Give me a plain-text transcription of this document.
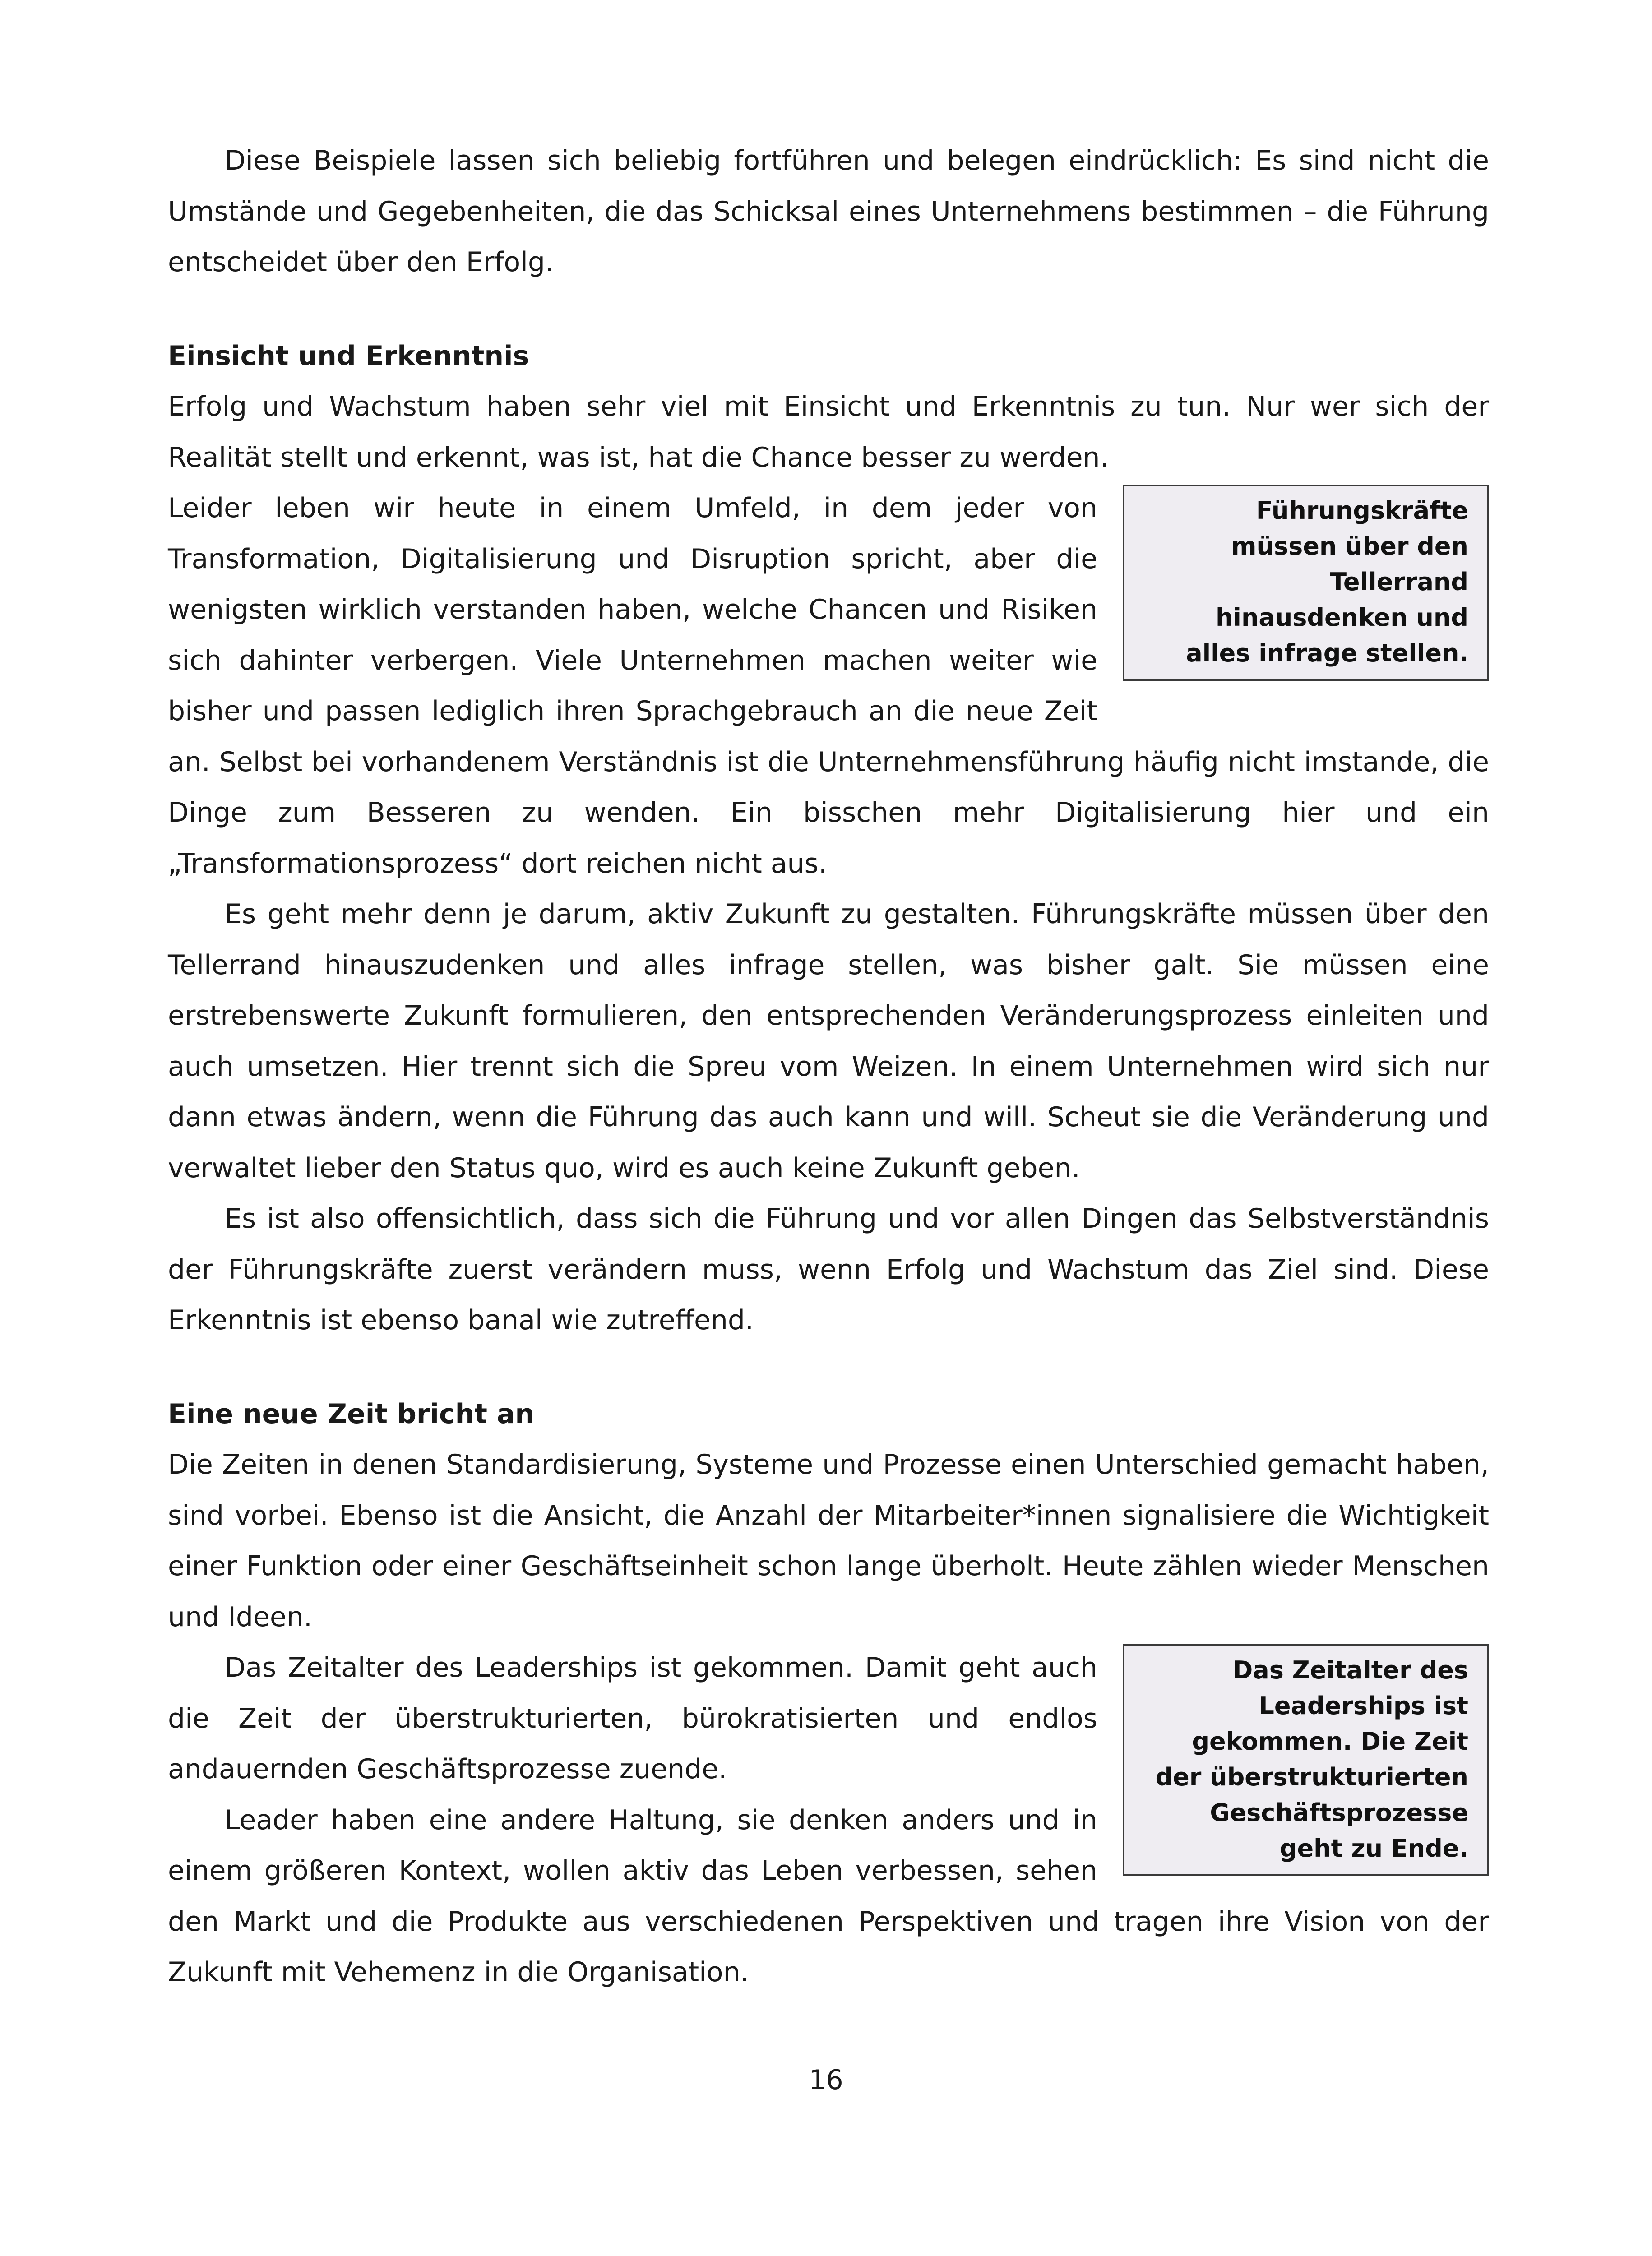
Diese Beispiele lassen sich beliebig fortführen und belegen eindrücklich: Es sind nicht die Umstände und Gegebenheiten, die das Schicksal eines Unternehmens bestimmen – die Führung entscheidet über den Erfolg.

Einsicht und Erkenntnis

Erfolg und Wachstum haben sehr viel mit Einsicht und Erkenntnis zu tun. Nur wer sich der Realität stellt und erkennt, was ist, hat die Chance besser zu werden.

Führungskräfte müssen über den Tellerrand hinausdenken und alles infrage stellen.

Leider leben wir heute in einem Umfeld, in dem jeder von Transformation, Digitalisierung und Disruption spricht, aber die wenigsten wirklich verstanden haben, welche Chancen und Risiken sich dahinter verbergen. Viele Unternehmen machen weiter wie bisher und passen lediglich ihren Sprachgebrauch an die neue Zeit an. Selbst bei vorhandenem Verständnis ist die Unternehmensführung häufig nicht imstande, die Dinge zum Besseren zu wenden. Ein bisschen mehr Digitalisierung hier und ein „Transformationsprozess“ dort reichen nicht aus.

Es geht mehr denn je darum, aktiv Zukunft zu gestalten. Führungskräfte müssen über den Tellerrand hinauszudenken und alles infrage stellen, was bisher galt. Sie müssen eine erstrebenswerte Zukunft formulieren, den entsprechenden Veränderungsprozess einleiten und auch umsetzen. Hier trennt sich die Spreu vom Weizen. In einem Unternehmen wird sich nur dann etwas ändern, wenn die Führung das auch kann und will. Scheut sie die Veränderung und verwaltet lieber den Status quo, wird es auch keine Zukunft geben.

Es ist also offensichtlich, dass sich die Führung und vor allen Dingen das Selbstverständnis der Führungskräfte zuerst verändern muss, wenn Erfolg und Wachstum das Ziel sind. Diese Erkenntnis ist ebenso banal wie zutreffend.

Eine neue Zeit bricht an

Die Zeiten in denen Standardisierung, Systeme und Prozesse einen Unterschied gemacht haben, sind vorbei. Ebenso ist die Ansicht, die Anzahl der Mitarbeiter*innen signalisiere die Wichtigkeit einer Funktion oder einer Geschäftseinheit schon lange überholt. Heute zählen wieder Menschen und Ideen.

Das Zeitalter des Leaderships ist gekommen. Die Zeit der überstrukturierten Geschäftsprozesse geht zu Ende.

Das Zeitalter des Leaderships ist gekommen. Damit geht auch die Zeit der überstrukturierten, bürokratisierten und endlos andauernden Geschäftsprozesse zuende.

Leader haben eine andere Haltung, sie denken anders und in einem größeren Kontext, wollen aktiv das Leben verbessen, sehen den Markt und die Produkte aus verschiedenen Perspektiven und tragen ihre Vision von der Zukunft mit Vehemenz in die Organisation.

16
